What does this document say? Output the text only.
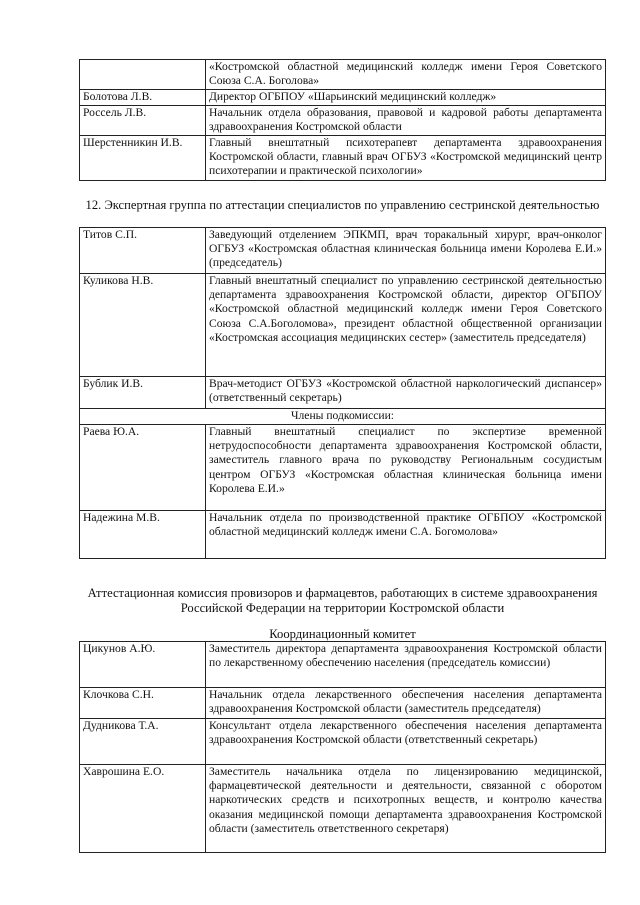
	«Костромской областной медицинский колледж имени Героя Советского Союза С.А. Боголова»
Болотова Л.В.	Директор ОГБПОУ «Шарьинский медицинский колледж»
Россель Л.В.	Начальник отдела образования, правовой и кадровой работы департамента здравоохранения Костромской области
Шерстенникин И.В.	Главный внештатный психотерапевт департамента здравоохранения Костромской области, главный врач ОГБУЗ «Костромской медицинский центр психотерапии и практической психологии»
12. Экспертная группа по аттестации специалистов по управлению сестринской деятельностью
Титов С.П.	Заведующий отделением ЭПКМП, врач торакальный хирург, врач-онколог ОГБУЗ «Костромская областная клиническая больница имени Королева Е.И.» (председатель)
Куликова Н.В.	Главный внештатный специалист по управлению сестринской деятельностью департамента здравоохранения Костромской области, директор ОГБПОУ «Костромской областной медицинский колледж имени Героя Советского Союза С.А.Боголомова», президент областной общественной организации «Костромская ассоциация медицинских сестер» (заместитель председателя)
Бублик И.В.	Врач-методист ОГБУЗ «Костромской областной наркологический диспансер» (ответственный секретарь)
Члены подкомиссии:	
Раева Ю.А.	Главный внештатный специалист по экспертизе временной нетрудоспособности департамента здравоохранения Костромской области, заместитель главного врача по руководству Региональным сосудистым центром ОГБУЗ «Костромская областная клиническая больница имени Королева Е.И.»
Надежина М.В.	Начальник отдела по производственной практике ОГБПОУ «Костромской областной медицинский колледж имени С.А. Богомолова»
Аттестационная комиссия провизоров и фармацевтов, работающих в системе здравоохранения Российской Федерации на территории Костромской области
Координационный комитет
Цикунов А.Ю.	Заместитель директора департамента здравоохранения Костромской области по лекарственному обеспечению населения (председатель комиссии)
Клочкова С.Н.	Начальник отдела лекарственного обеспечения населения департамента здравоохранения Костромской области (заместитель председателя)
Дудникова Т.А.	Консультант отдела лекарственного обеспечения населения департамента здравоохранения Костромской области (ответственный секретарь)
Хаврошина Е.О.	Заместитель начальника отдела по лицензированию медицинской, фармацевтической деятельности и деятельности, связанной с оборотом наркотических средств и психотропных веществ, и контролю качества оказания медицинской помощи департамента здравоохранения Костромской области (заместитель ответственного секретаря)
